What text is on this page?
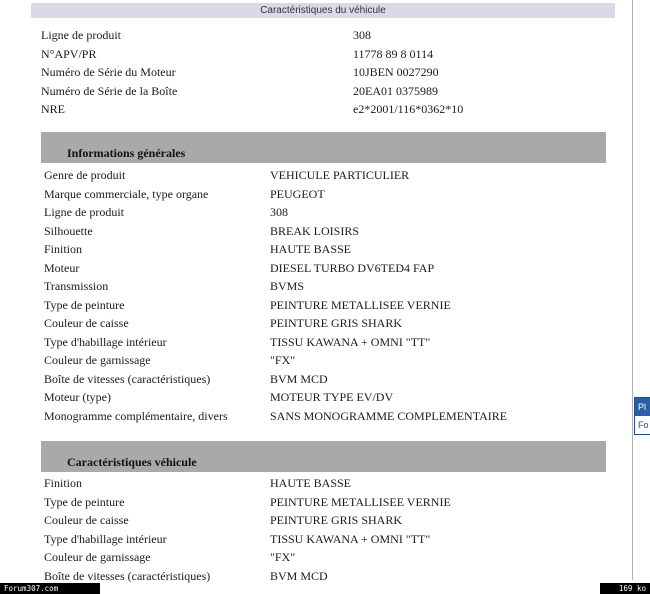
Caractéristiques du véhicule
Ligne de produit	308
N°APV/PR	11778 89 8 0114
Numéro de Série du Moteur	10JBEN 0027290
Numéro de Série de la Boîte	20EA01 0375989
NRE	e2*2001/116*0362*10
Informations générales
Genre de produit	VEHICULE PARTICULIER
Marque commerciale, type organe	PEUGEOT
Ligne de produit	308
Silhouette	BREAK LOISIRS
Finition	HAUTE BASSE
Moteur	DIESEL TURBO DV6TED4 FAP
Transmission	BVMS
Type de peinture	PEINTURE METALLISEE VERNIE
Couleur de caisse	PEINTURE GRIS SHARK
Type d'habillage intérieur	TISSU KAWANA + OMNI "TT"
Couleur de garnissage	"FX"
Boîte de vitesses (caractéristiques)	BVM MCD
Moteur (type)	MOTEUR TYPE EV/DV
Monogramme complémentaire, divers	SANS MONOGRAMME COMPLEMENTAIRE
Caractéristiques véhicule
Finition	HAUTE BASSE
Type de peinture	PEINTURE METALLISEE VERNIE
Couleur de caisse	PEINTURE GRIS SHARK
Type d'habillage intérieur	TISSU KAWANA + OMNI "TT"
Couleur de garnissage	"FX"
Boîte de vitesses (caractéristiques)	BVM MCD
Pl
Fo
Forum307.com	169 ko
